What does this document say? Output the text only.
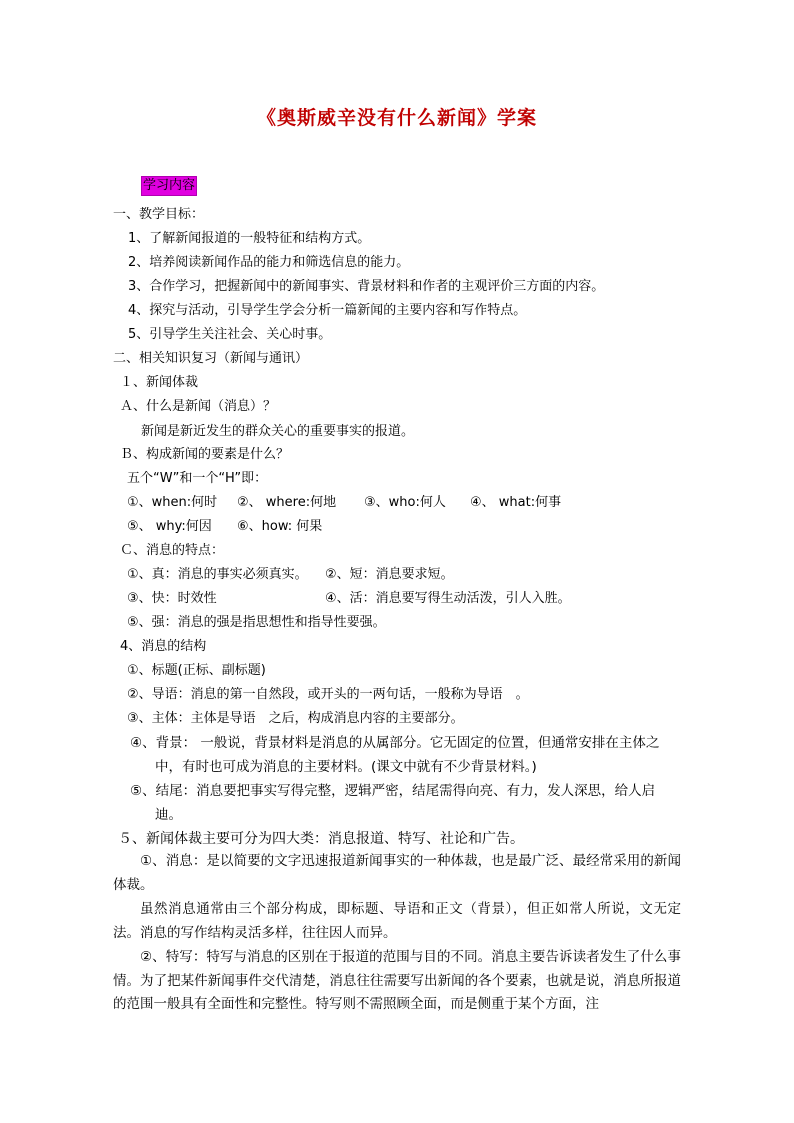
《奥斯威辛没有什么新闻》学案
学习内容
一、教学目标：
1、了解新闻报道的一般特征和结构方式。
2、培养阅读新闻作品的能力和筛选信息的能力。
3、合作学习，把握新闻中的新闻事实、背景材料和作者的主观评价三方面的内容。
4、探究与活动，引导学生学会分析一篇新闻的主要内容和写作特点。
5、引导学生关注社会、关心时事。
二、相关知识复习（新闻与通讯）
１、新闻体裁
Ａ、什么是新闻（消息）？
新闻是新近发生的群众关心的重要事实的报道。
Ｂ、构成新闻的要素是什么？
五个“W”和一个“H”即：
①、when:何时 ②、 where:何地 ③、who:何人 ④、 what:何事
⑤、 why:何因 ⑥、how: 何果
Ｃ、消息的特点：
①、真：消息的事实必须真实。 ②、短：消息要求短。
③、快：时效性	④、活：消息要写得生动活泼，引人入胜。
⑤、强：消息的强是指思想性和指导性要强。
4、消息的结构
①、标题(正标、副标题)
②、导语：消息的第一自然段，或开头的一两句话，一般称为导语　。
③、主体：主体是导语　之后，构成消息内容的主要部分。
④、背景： 一般说，背景材料是消息的从属部分。它无固定的位置，但通常安排在主体之
中，有时也可成为消息的主要材料。(课文中就有不少背景材料。)
⑤、结尾：消息要把事实写得完整，逻辑严密，结尾需得向亮、有力，发人深思，给人启
迪。
５、新闻体裁主要可分为四大类：消息报道、特写、社论和广告。
①、消息：是以简要的文字迅速报道新闻事实的一种体裁，也是最广泛、最经常采用的新闻体裁。
虽然消息通常由三个部分构成，即标题、导语和正文（背景），但正如常人所说，文无定法。消息的写作结构灵活多样，往往因人而异。
②、特写：特写与消息的区别在于报道的范围与目的不同。消息主要告诉读者发生了什么事情。为了把某件新闻事件交代清楚，消息往往需要写出新闻的各个要素，也就是说，消息所报道的范围一般具有全面性和完整性。特写则不需照顾全面，而是侧重于某个方面，注
